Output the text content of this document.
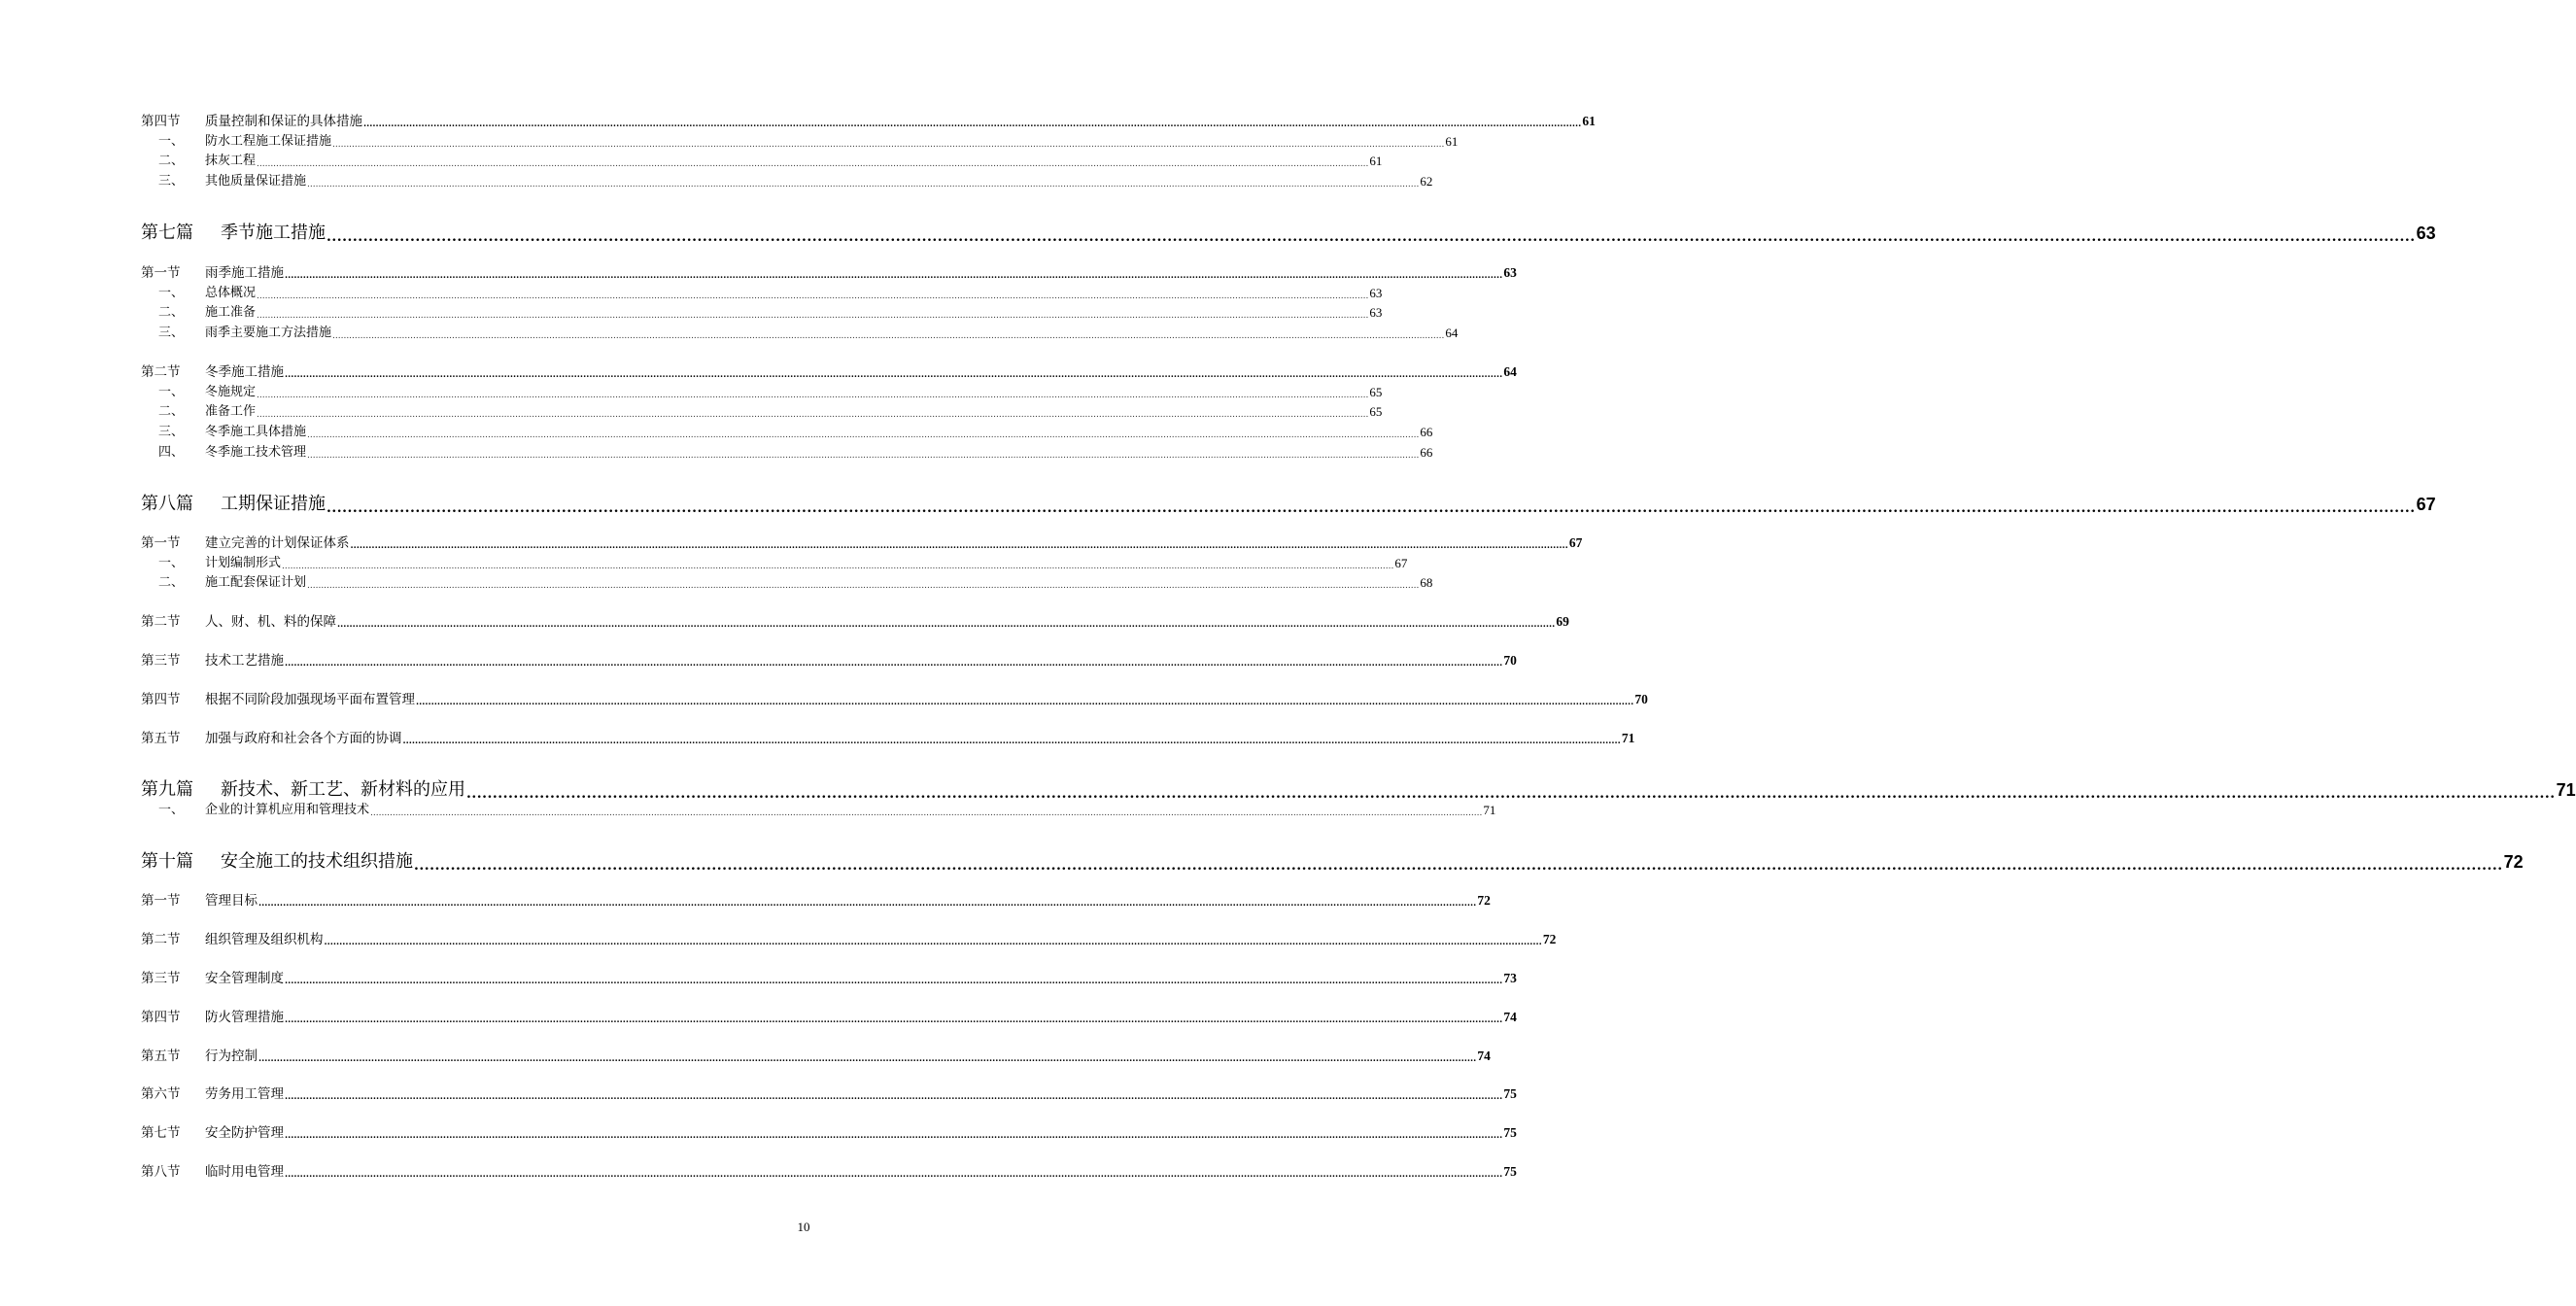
第四节	质量控制和保证的具体措施 ................................................................................................................................................................................................................................................................................................................................................................................................................ 61
一、	防水工程施工保证措施 ................................................................................................................................................................................................................................................................................................................................................................................................................ 61
二、	抹灰工程 ................................................................................................................................................................................................................................................................................................................................................................................................................ 61
三、	其他质量保证措施 ................................................................................................................................................................................................................................................................................................................................................................................................................ 62
第七篇	季节施工措施 ................................................................................................................................................................................................................................................................................................................................................................................................................ 63
第一节	雨季施工措施 ................................................................................................................................................................................................................................................................................................................................................................................................................ 63
一、	总体概况 ................................................................................................................................................................................................................................................................................................................................................................................................................ 63
二、	施工准备 ................................................................................................................................................................................................................................................................................................................................................................................................................ 63
三、	雨季主要施工方法措施 ................................................................................................................................................................................................................................................................................................................................................................................................................ 64
第二节	冬季施工措施 ................................................................................................................................................................................................................................................................................................................................................................................................................ 64
一、	冬施规定 ................................................................................................................................................................................................................................................................................................................................................................................................................ 65
二、	准备工作 ................................................................................................................................................................................................................................................................................................................................................................................................................ 65
三、	冬季施工具体措施 ................................................................................................................................................................................................................................................................................................................................................................................................................ 66
四、	冬季施工技术管理 ................................................................................................................................................................................................................................................................................................................................................................................................................ 66
第八篇	工期保证措施 ................................................................................................................................................................................................................................................................................................................................................................................................................ 67
第一节	建立完善的计划保证体系 ................................................................................................................................................................................................................................................................................................................................................................................................................ 67
一、	计划编制形式 ................................................................................................................................................................................................................................................................................................................................................................................................................ 67
二、	施工配套保证计划 ................................................................................................................................................................................................................................................................................................................................................................................................................ 68
第二节	人、财、机、料的保障 ................................................................................................................................................................................................................................................................................................................................................................................................................ 69
第三节	技术工艺措施 ................................................................................................................................................................................................................................................................................................................................................................................................................ 70
第四节	根据不同阶段加强现场平面布置管理 ................................................................................................................................................................................................................................................................................................................................................................................................................ 70
第五节	加强与政府和社会各个方面的协调 ................................................................................................................................................................................................................................................................................................................................................................................................................ 71
第九篇	新技术、新工艺、新材料的应用 ................................................................................................................................................................................................................................................................................................................................................................................................................ 71
一、	企业的计算机应用和管理技术 ................................................................................................................................................................................................................................................................................................................................................................................................................ 71
第十篇	安全施工的技术组织措施 ................................................................................................................................................................................................................................................................................................................................................................................................................ 72
第一节	管理目标 ................................................................................................................................................................................................................................................................................................................................................................................................................ 72
第二节	组织管理及组织机构 ................................................................................................................................................................................................................................................................................................................................................................................................................ 72
第三节	安全管理制度 ................................................................................................................................................................................................................................................................................................................................................................................................................ 73
第四节	防火管理措施 ................................................................................................................................................................................................................................................................................................................................................................................................................ 74
第五节	行为控制 ................................................................................................................................................................................................................................................................................................................................................................................................................ 74
第六节	劳务用工管理 ................................................................................................................................................................................................................................................................................................................................................................................................................ 75
第七节	安全防护管理 ................................................................................................................................................................................................................................................................................................................................................................................................................ 75
第八节	临时用电管理 ................................................................................................................................................................................................................................................................................................................................................................................................................ 75
10
